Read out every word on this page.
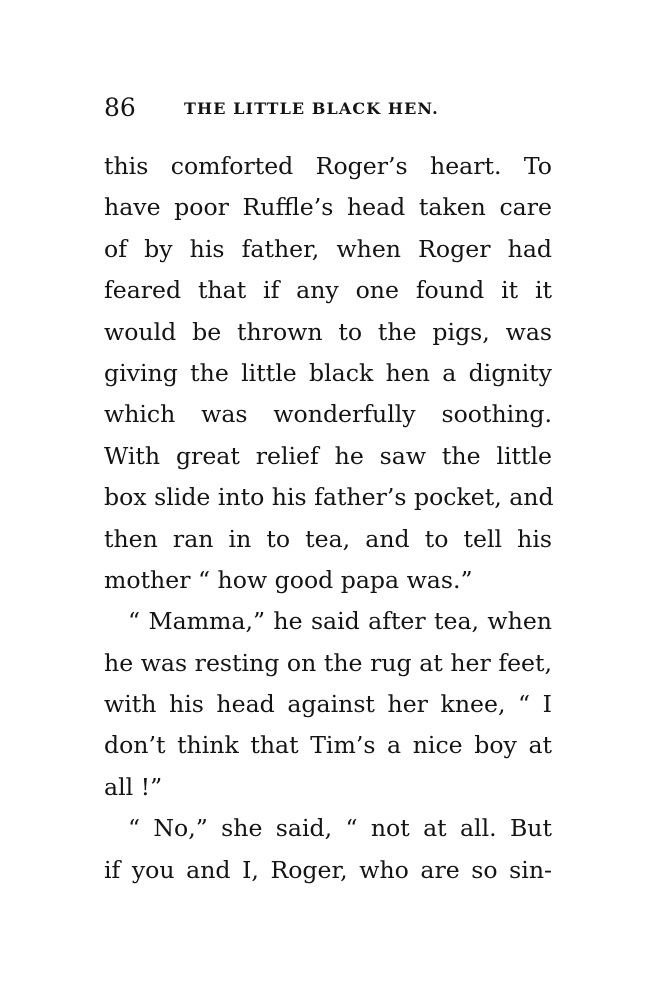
86	THE LITTLE BLACK HEN.
this comforted Roger’s heart. To
have poor Ruffle’s head taken care
of by his father, when Roger had
feared that if any one found it it
would be thrown to the pigs, was
giving the little black hen a dignity
which was wonderfully soothing.
With great relief he saw the little
box slide into his father’s pocket, and
then ran in to tea, and to tell his
mother “ how good papa was.”
“ Mamma,” he said after tea, when
he was resting on the rug at her feet,
with his head against her knee, “ I
don’t think that Tim’s a nice boy at
all !”
“ No,” she said, “ not at all. But
if you and I, Roger, who are so sin-
